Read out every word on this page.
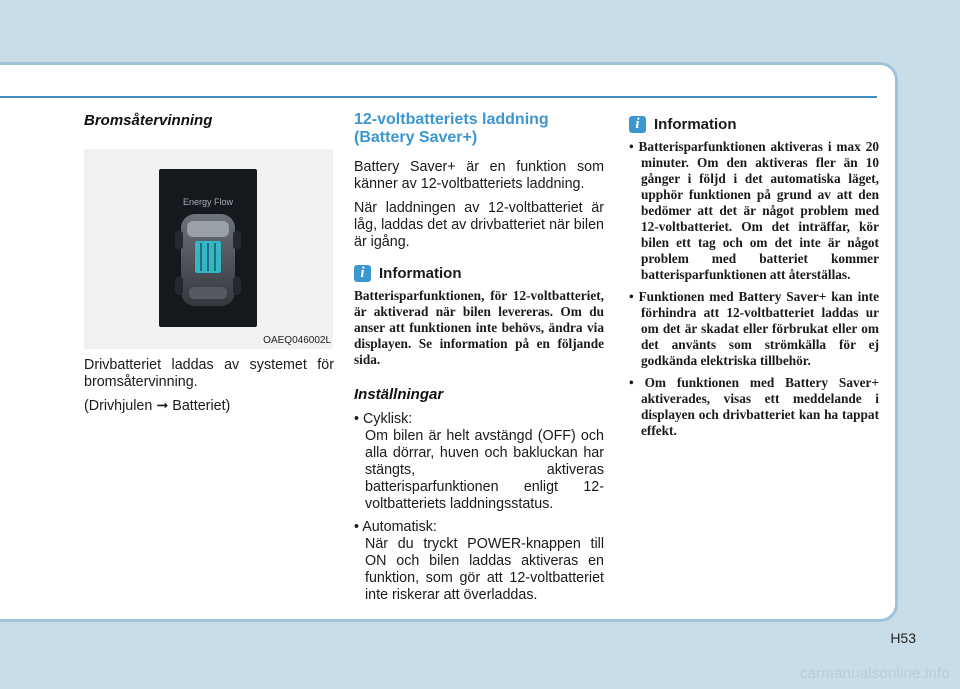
Bromsåtervinning
Energy Flow
OAEQ046002L

Drivbatteriet laddas av systemet för bromsåtervinning.

(Drivhjulen ➞ Batteriet)

12-voltbatteriets laddning (Battery Saver+)

Battery Saver+ är en funktion som känner av 12-voltbatteriets laddning.

När laddningen av 12-voltbatteriet är låg, laddas det av drivbatteriet när bilen är igång.

i Information

Batterisparfunktionen, för 12-voltbatteriet, är aktiverad när bilen levereras. Om du anser att funktionen inte behövs, ändra via displayen. Se information på en följande sida.

Inställningar
• Cyklisk:
Om bilen är helt avstängd (OFF) och alla dörrar, huven och bakluckan har stängts, aktiveras batterisparfunktionen enligt 12-voltbatteriets laddningsstatus.
• Automatisk:
När du tryckt POWER-knappen till ON och bilen laddas aktiveras en funktion, som gör att 12-voltbatteriet inte riskerar att överladdas.
i Information
• Batterisparfunktionen aktiveras i max 20 minuter. Om den aktiveras fler än 10 gånger i följd i det automatiska läget, upphör funktionen på grund av att den bedömer att det är något problem med 12-voltbatteriet. Om det inträffar, kör bilen ett tag och om det inte är något problem med batteriet kommer batterisparfunktionen att återställas.
• Funktionen med Battery Saver+ kan inte förhindra att 12-voltbatteriet laddas ur om det är skadat eller förbrukat eller om det använts som strömkälla för ej godkända elektriska tillbehör.
• Om funktionen med Battery Saver+ aktiverades, visas ett meddelande i displayen och drivbatteriet kan ha tappat effekt.
H53
carmanualsonline.info
